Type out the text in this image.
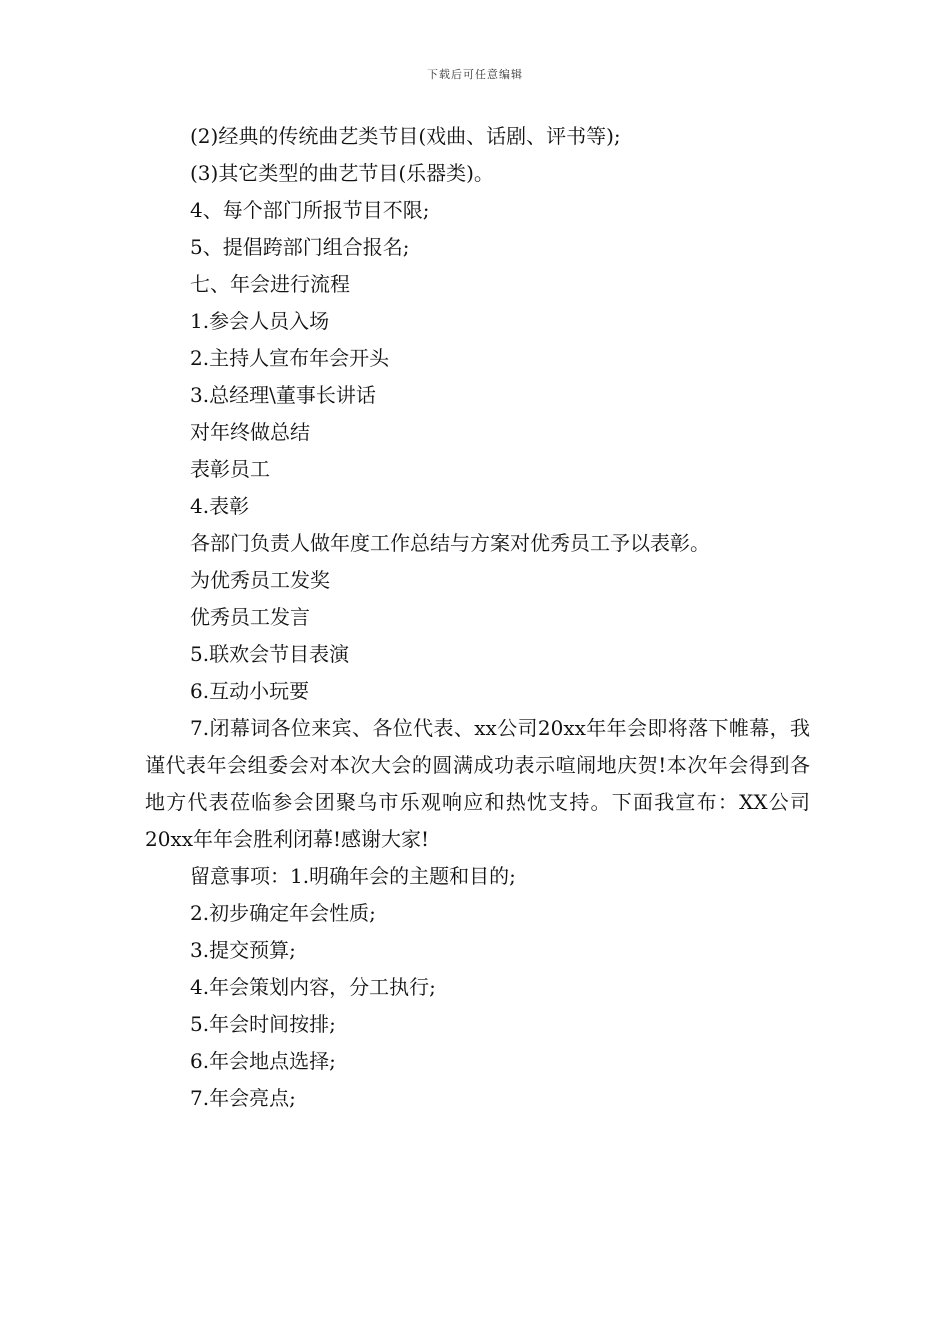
下载后可任意编辑
(2)经典的传统曲艺类节目(戏曲、话剧、评书等);
(3)其它类型的曲艺节目(乐器类)。
4、每个部门所报节目不限;
5、提倡跨部门组合报名;
七、年会进行流程
1.参会人员入场
2.主持人宣布年会开头
3.总经理\董事长讲话
对年终做总结
表彰员工
4.表彰
各部门负责人做年度工作总结与方案对优秀员工予以表彰。
为优秀员工发奖
优秀员工发言
5.联欢会节目表演
6.互动小玩要

7.闭幕词各位来宾、各位代表、xx公司20xx年年会即将落下帷幕，我谨代表年会组委会对本次大会的圆满成功表示喧闹地庆贺!本次年会得到各地方代表莅临参会团聚乌市乐观响应和热忱支持。下面我宣布：XX公司20xx年年会胜利闭幕!感谢大家!

留意事项：1.明确年会的主题和目的;
2.初步确定年会性质;
3.提交预算;
4.年会策划内容，分工执行;
5.年会时间按排;
6.年会地点选择;
7.年会亮点;
